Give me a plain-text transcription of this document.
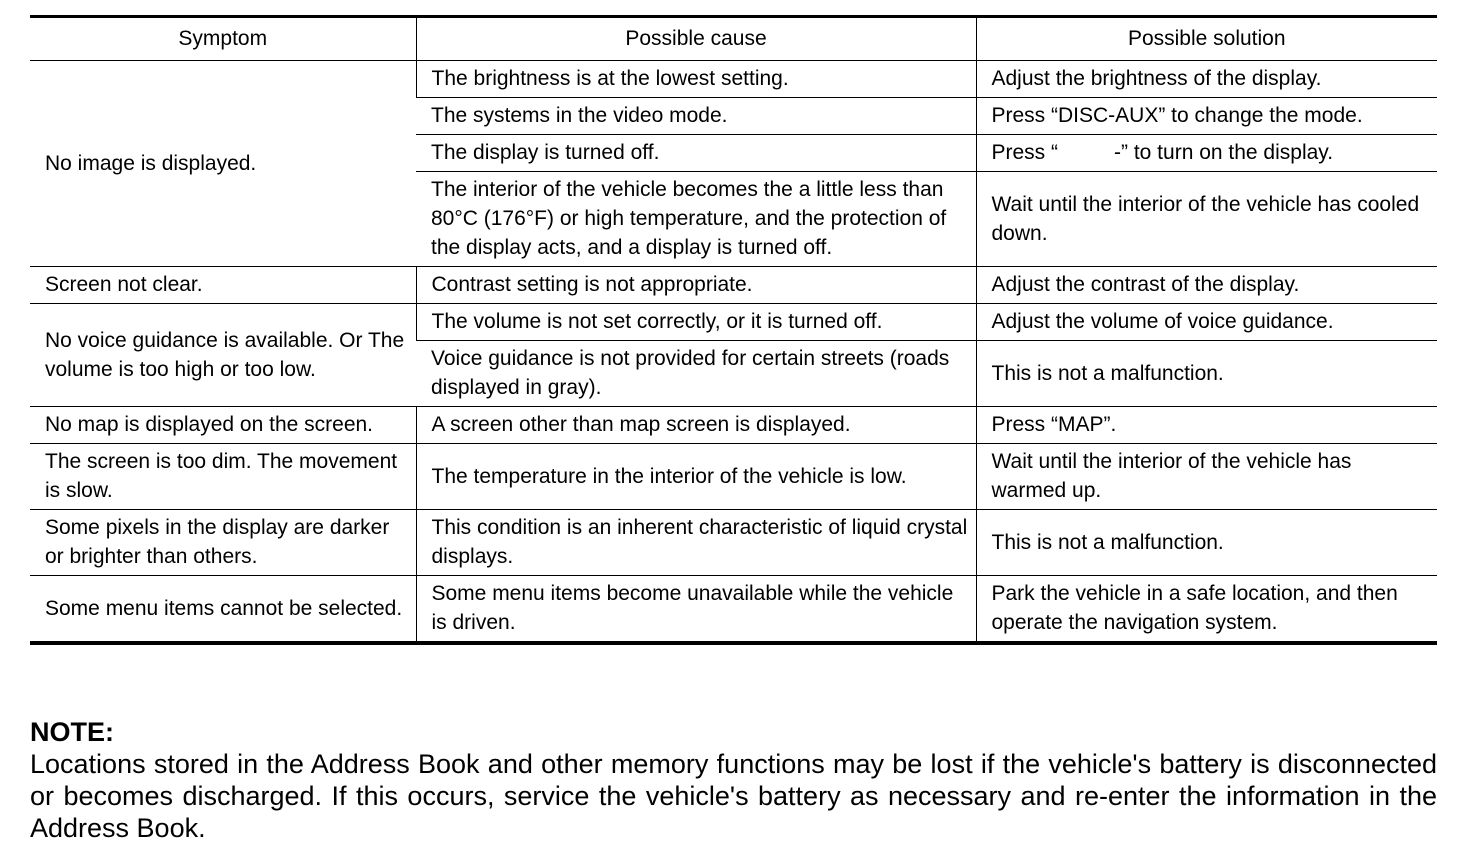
Symptom	Possible cause	Possible solution
No image is displayed.	The brightness is at the lowest setting.	Adjust the brightness of the display.
	The systems in the video mode.	Press “DISC-AUX” to change the mode.
	The display is turned off.	Press “ -” to turn on the display.
	The interior of the vehicle becomes the a little less than 80°C (176°F) or high temperature, and the protection of the display acts, and a display is turned off.	Wait until the interior of the vehicle has cooled down.
Screen not clear.	Contrast setting is not appropriate.	Adjust the contrast of the display.
No voice guidance is available. Or The volume is too high or too low.	The volume is not set correctly, or it is turned off.	Adjust the volume of voice guidance.
	Voice guidance is not provided for certain streets (roads displayed in gray).	This is not a malfunction.
No map is displayed on the screen.	A screen other than map screen is displayed.	Press “MAP”.
The screen is too dim. The movement is slow.	The temperature in the interior of the vehicle is low.	Wait until the interior of the vehicle has warmed up.
Some pixels in the display are darker or brighter than others.	This condition is an inherent characteristic of liquid crystal displays.	This is not a malfunction.
Some menu items cannot be selected.	Some menu items become unavailable while the vehicle is driven.	Park the vehicle in a safe location, and then operate the navigation system.
NOTE:
Locations stored in the Address Book and other memory functions may be lost if the vehicle's battery is disconnected or becomes discharged. If this occurs, service the vehicle's battery as necessary and re-enter the information in the Address Book.
